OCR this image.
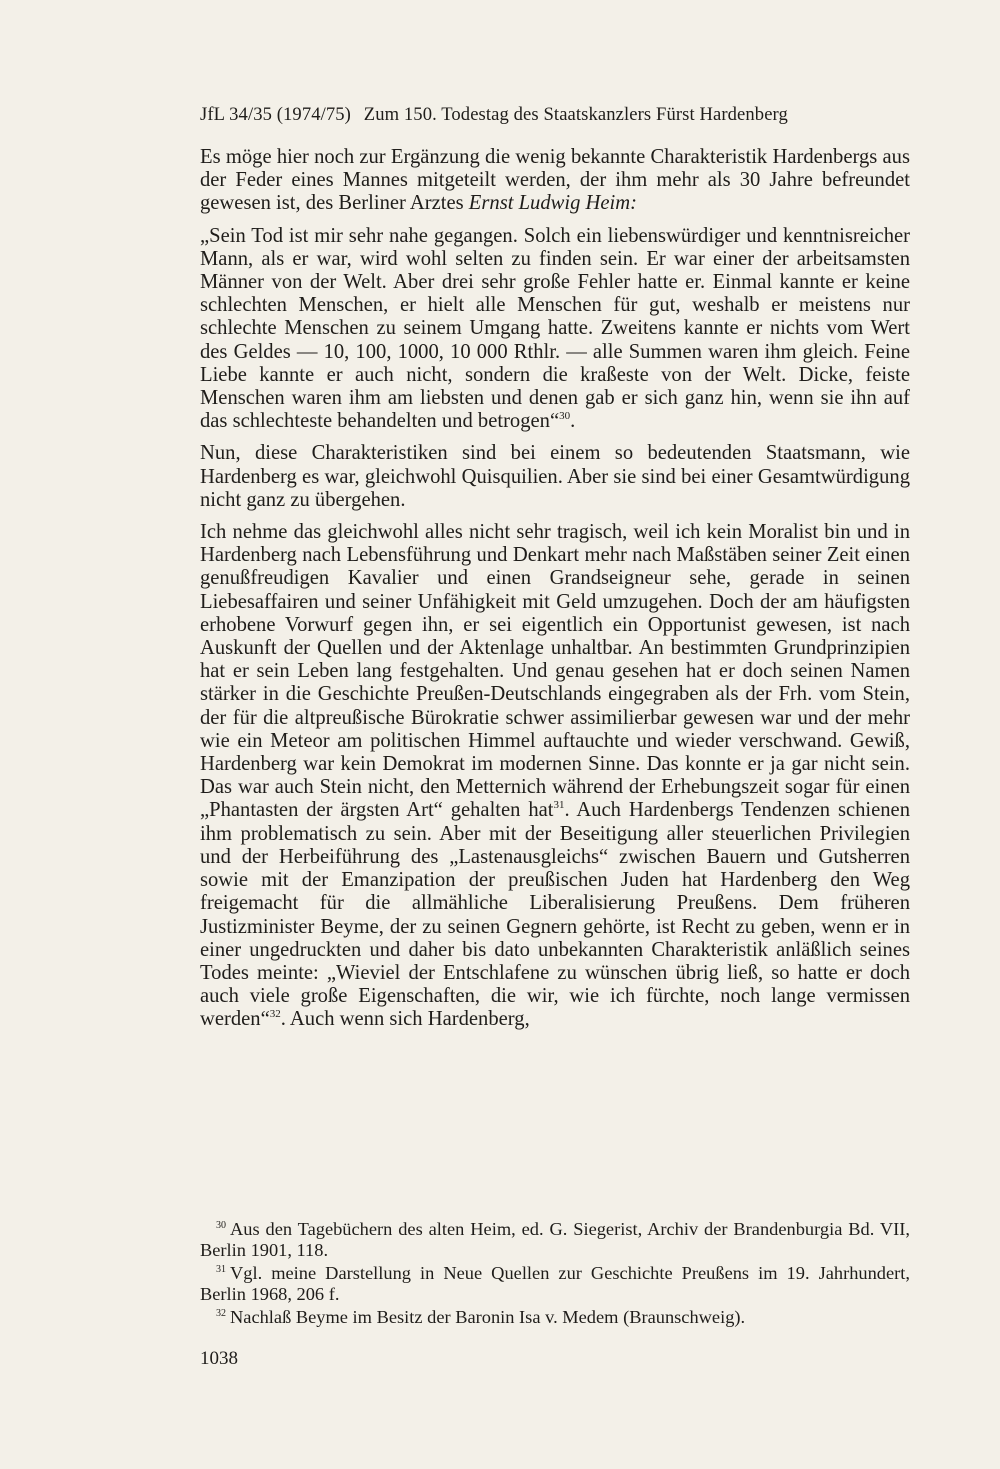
JfL 34/35 (1974/75) Zum 150. Todestag des Staatskanzlers Fürst Hardenberg

Es möge hier noch zur Ergänzung die wenig bekannte Charakteristik Hardenbergs aus der Feder eines Mannes mitgeteilt werden, der ihm mehr als 30 Jahre befreundet gewesen ist, des Berliner Arztes Ernst Ludwig Heim:

„Sein Tod ist mir sehr nahe gegangen. Solch ein liebenswürdiger und kenntnisreicher Mann, als er war, wird wohl selten zu finden sein. Er war einer der arbeitsamsten Männer von der Welt. Aber drei sehr große Fehler hatte er. Einmal kannte er keine schlechten Menschen, er hielt alle Menschen für gut, weshalb er meistens nur schlechte Menschen zu seinem Umgang hatte. Zweitens kannte er nichts vom Wert des Geldes — 10, 100, 1000, 10 000 Rthlr. — alle Summen waren ihm gleich. Feine Liebe kannte er auch nicht, sondern die kraßeste von der Welt. Dicke, feiste Menschen waren ihm am liebsten und denen gab er sich ganz hin, wenn sie ihn auf das schlechteste behandelten und betrogen“$^{30}$.

Nun, diese Charakteristiken sind bei einem so bedeutenden Staatsmann, wie Hardenberg es war, gleichwohl Quisquilien. Aber sie sind bei einer Gesamtwürdigung nicht ganz zu übergehen.

Ich nehme das gleichwohl alles nicht sehr tragisch, weil ich kein Moralist bin und in Hardenberg nach Lebensführung und Denkart mehr nach Maßstäben seiner Zeit einen genußfreudigen Kavalier und einen Grandseigneur sehe, gerade in seinen Liebesaffairen und seiner Unfähigkeit mit Geld umzugehen. Doch der am häufigsten erhobene Vorwurf gegen ihn, er sei eigentlich ein Opportunist gewesen, ist nach Auskunft der Quellen und der Aktenlage unhaltbar. An bestimmten Grundprinzipien hat er sein Leben lang festgehalten. Und genau gesehen hat er doch seinen Namen stärker in die Geschichte Preußen-Deutschlands eingegraben als der Frh. vom Stein, der für die altpreußische Bürokratie schwer assimilierbar gewesen war und der mehr wie ein Meteor am politischen Himmel auftauchte und wieder verschwand. Gewiß, Hardenberg war kein Demokrat im modernen Sinne. Das konnte er ja gar nicht sein. Das war auch Stein nicht, den Metternich während der Erhebungszeit sogar für einen „Phantasten der ärgsten Art“ gehalten hat$^{31}$. Auch Hardenbergs Tendenzen schienen ihm problematisch zu sein. Aber mit der Beseitigung aller steuerlichen Privilegien und der Herbeiführung des „Lastenausgleichs“ zwischen Bauern und Gutsherren sowie mit der Emanzipation der preußischen Juden hat Hardenberg den Weg freigemacht für die allmähliche Liberalisierung Preußens. Dem früheren Justizminister Beyme, der zu seinen Gegnern gehörte, ist Recht zu geben, wenn er in einer ungedruckten und daher bis dato unbekannten Charakteristik anläßlich seines Todes meinte: „Wieviel der Entschlafene zu wünschen übrig ließ, so hatte er doch auch viele große Eigenschaften, die wir, wie ich fürchte, noch lange vermissen werden“$^{32}$. Auch wenn sich Hardenberg,

$^{30}$ Aus den Tagebüchern des alten Heim, ed. G. Siegerist, Archiv der Brandenburgia Bd. VII, Berlin 1901, 118.
$^{31}$ Vgl. meine Darstellung in Neue Quellen zur Geschichte Preußens im 19. Jahrhundert, Berlin 1968, 206 f.
$^{32}$ Nachlaß Beyme im Besitz der Baronin Isa v. Medem (Braunschweig).
1038
